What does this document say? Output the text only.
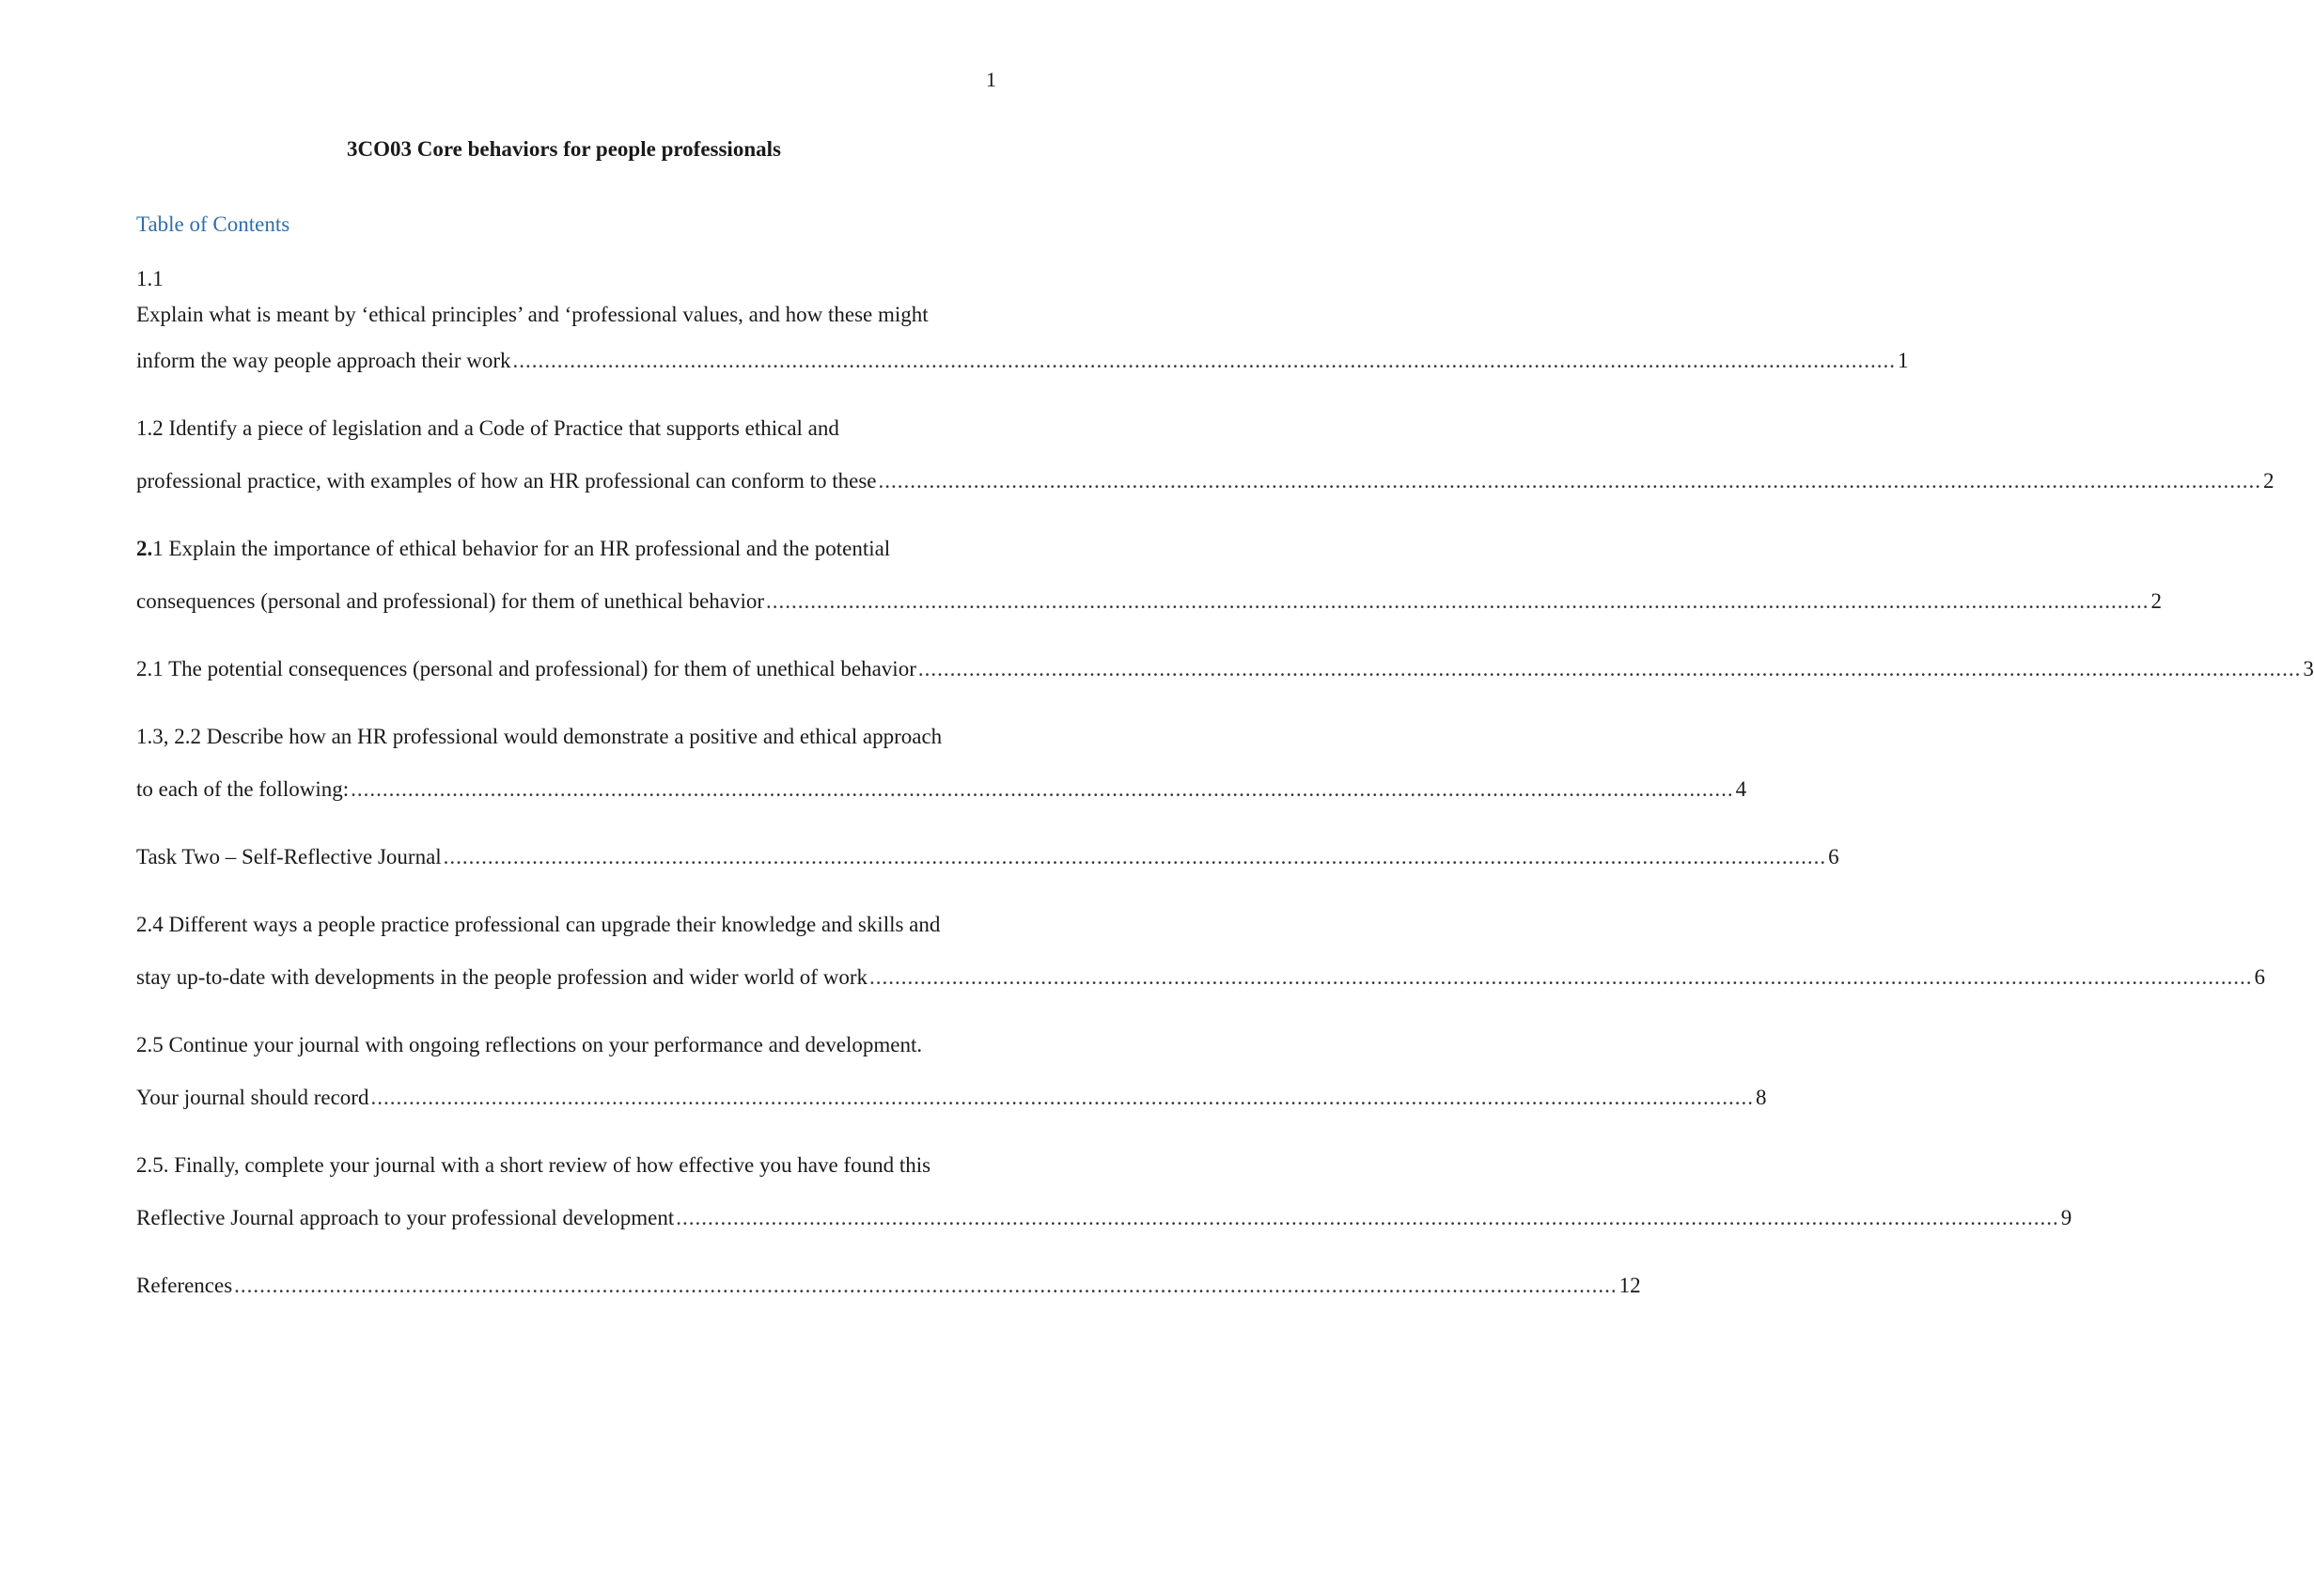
1
3CO03 Core behaviors for people professionals
Table of Contents
1.1
Explain what is meant by ‘ethical principles’ and ‘professional values, and how these might
inform the way people approach their work .......................................................................................................................................................................................................................... 1
1.2 Identify a piece of legislation and a Code of Practice that supports ethical and
professional practice, with examples of how an HR professional can conform to these .......................................................................................................................................................................................................................... 2
2.1 Explain the importance of ethical behavior for an HR professional and the potential
consequences (personal and professional) for them of unethical behavior .......................................................................................................................................................................................................................... 2
2.1 The potential consequences (personal and professional) for them of unethical behavior .......................................................................................................................................................................................................................... 3
1.3, 2.2 Describe how an HR professional would demonstrate a positive and ethical approach
to each of the following: .......................................................................................................................................................................................................................... 4
Task Two – Self-Reflective Journal .......................................................................................................................................................................................................................... 6
2.4 Different ways a people practice professional can upgrade their knowledge and skills and
stay up-to-date with developments in the people profession and wider world of work .......................................................................................................................................................................................................................... 6
2.5 Continue your journal with ongoing reflections on your performance and development.
Your journal should record .......................................................................................................................................................................................................................... 8
2.5. Finally, complete your journal with a short review of how effective you have found this
Reflective Journal approach to your professional development .......................................................................................................................................................................................................................... 9
References .......................................................................................................................................................................................................................... 12
